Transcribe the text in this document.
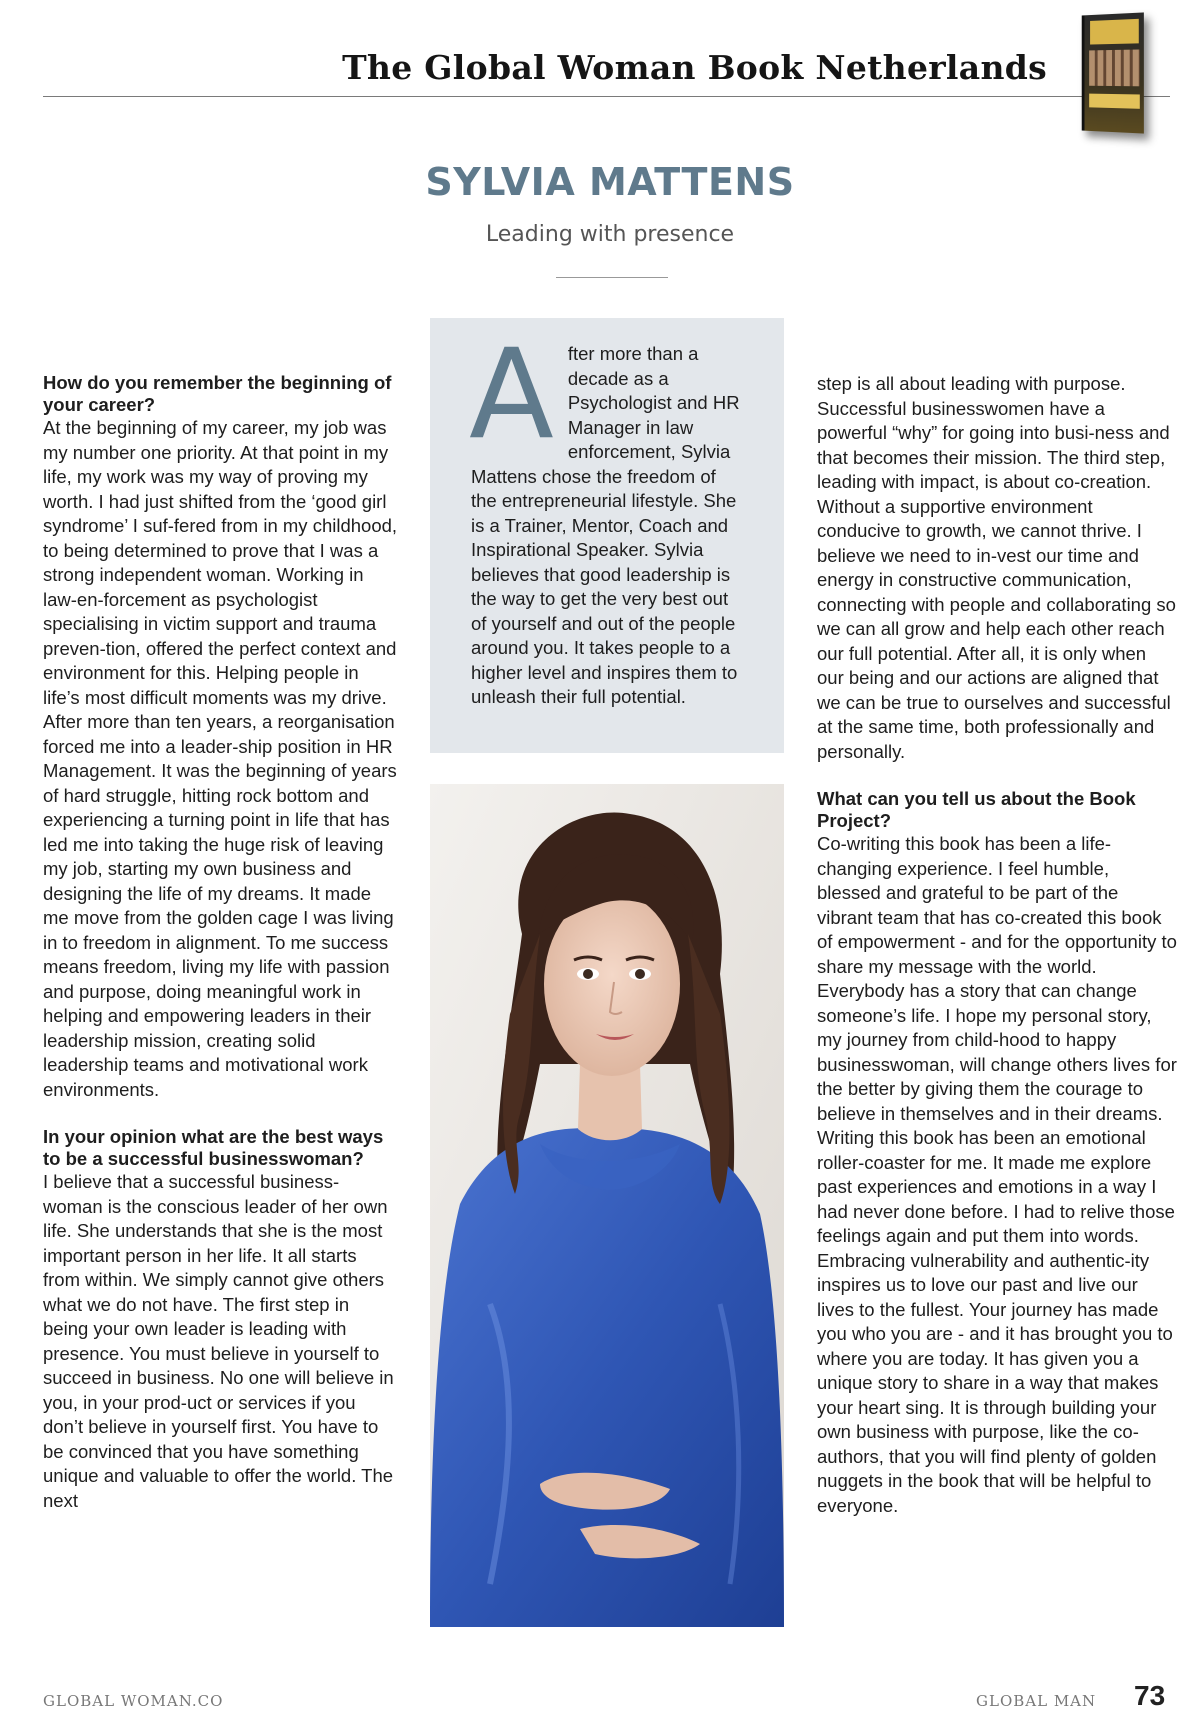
The Global Woman Book Netherlands
SYLVIA MATTENS
Leading with presence

How do you remember the beginning of your career?

At the beginning of my career, my job was my number one priority. At that point in my life, my work was my way of proving my worth. I had just shifted from the ‘good girl syndrome’ I suf-fered from in my childhood, to being determined to prove that I was a strong independent woman. Working in law-en-forcement as psychologist specialising in victim support and trauma preven-tion, offered the perfect context and environment for this. Helping people in life’s most difficult moments was my drive. After more than ten years, a reorganisation forced me into a leader-ship position in HR Management. It was the beginning of years of hard struggle, hitting rock bottom and experiencing a turning point in life that has led me into taking the huge risk of leaving my job, starting my own business and designing the life of my dreams. It made me move from the golden cage I was living in to freedom in alignment. To me success means freedom, living my life with passion and purpose, doing meaningful work in helping and empowering leaders in their leadership mission, creating solid leadership teams and motivational work environments.

In your opinion what are the best ways to be a successful businesswoman?

I believe that a successful business-woman is the conscious leader of her own life. She understands that she is the most important person in her life. It all starts from within. We simply cannot give others what we do not have. The first step in being your own leader is leading with presence. You must believe in yourself to succeed in business. No one will believe in you, in your prod-uct or services if you don’t believe in yourself first. You have to be convinced that you have something unique and valuable to offer the world. The next

A fter more than a decade as a Psychologist and HR Manager in law enforcement, Sylvia Mattens chose the freedom of the entrepreneurial lifestyle. She is a Trainer, Mentor, Coach and Inspirational Speaker. Sylvia believes that good leadership is the way to get the very best out of yourself and out of the people around you. It takes people to a higher level and inspires them to unleash their full potential.

step is all about leading with purpose. Successful businesswomen have a powerful “why” for going into busi-ness and that becomes their mission. The third step, leading with impact, is about co-creation. Without a supportive environment conducive to growth, we cannot thrive. I believe we need to in-vest our time and energy in constructive communication, connecting with people and collaborating so we can all grow and help each other reach our full potential. After all, it is only when our being and our actions are aligned that we can be true to ourselves and successful at the same time, both professionally and personally.

What can you tell us about the Book Project?

Co-writing this book has been a life-changing experience. I feel humble, blessed and grateful to be part of the vibrant team that has co-created this book of empowerment - and for the opportunity to share my message with the world. Everybody has a story that can change someone’s life. I hope my personal story, my journey from child-hood to happy businesswoman, will change others lives for the better by giving them the courage to believe in themselves and in their dreams. Writing this book has been an emotional roller-coaster for me. It made me explore past experiences and emotions in a way I had never done before. I had to relive those feelings again and put them into words. Embracing vulnerability and authentic-ity inspires us to love our past and live our lives to the fullest. Your journey has made you who you are - and it has brought you to where you are today. It has given you a unique story to share in a way that makes your heart sing. It is through building your own business with purpose, like the co-authors, that you will find plenty of golden nuggets in the book that will be helpful to everyone.

GLOBAL WOMAN.CO	GLOBAL MAN 73
